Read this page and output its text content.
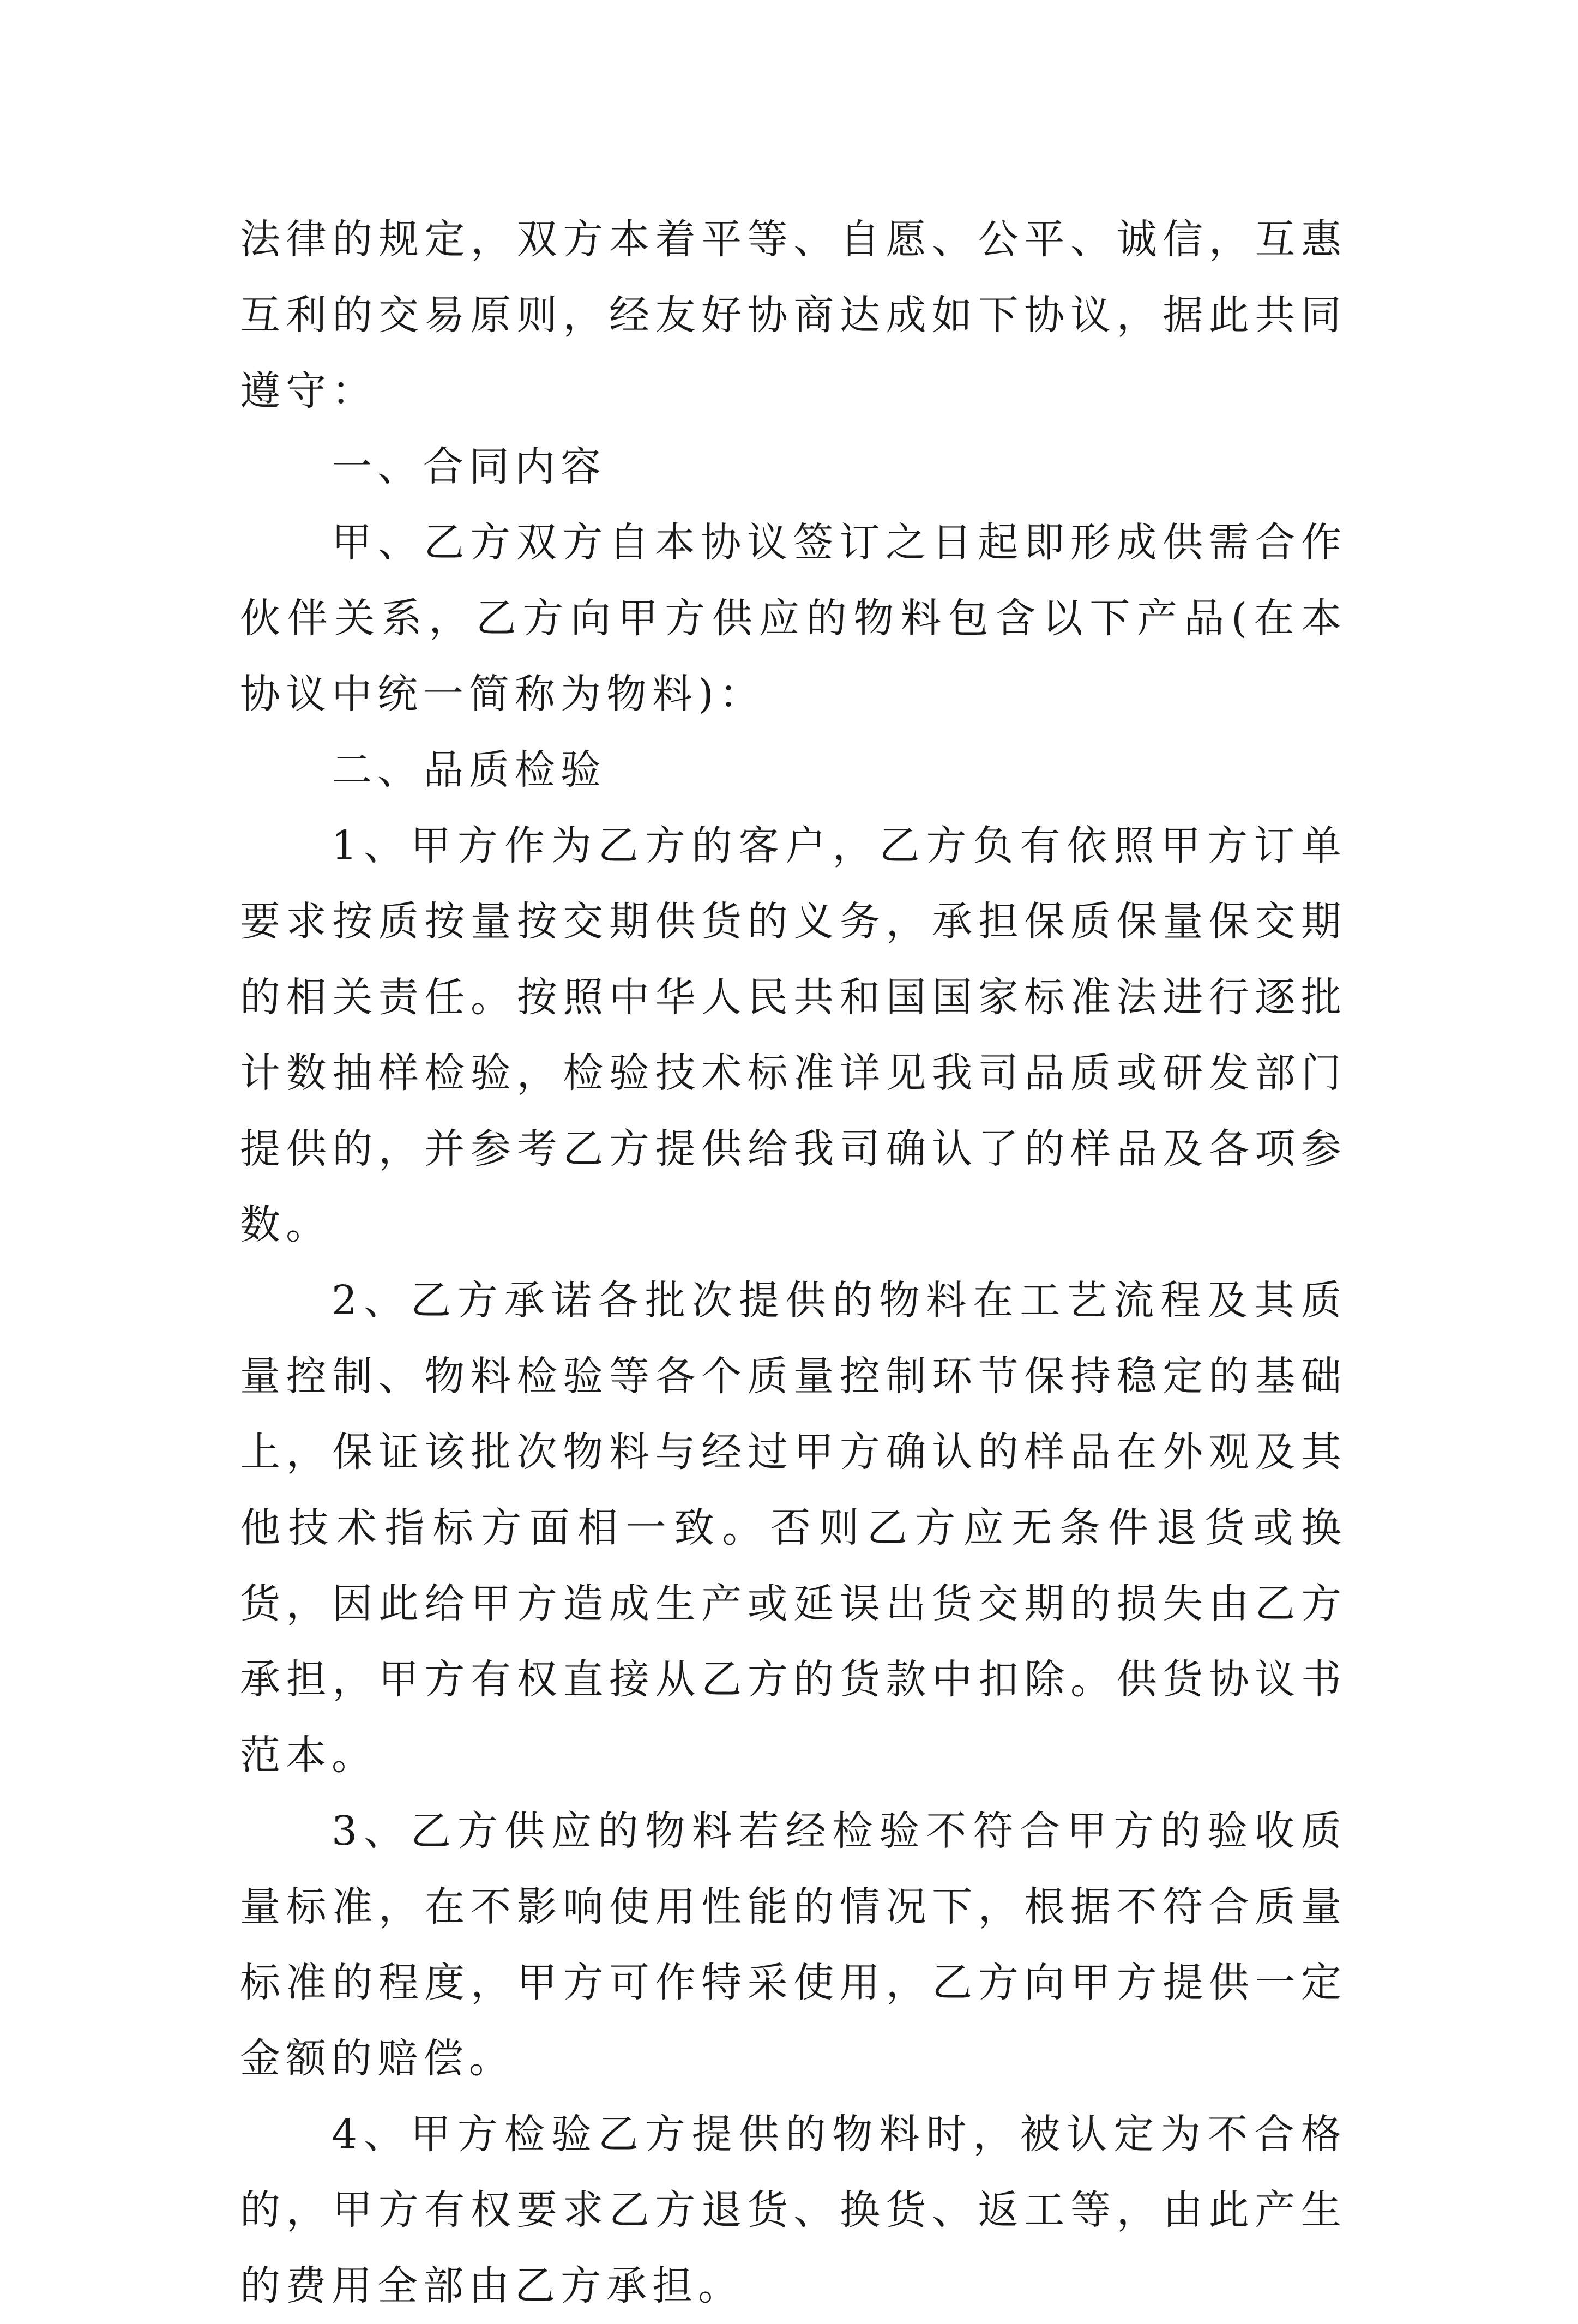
法律的规定，双方本着平等、自愿、公平、诚信，互惠互利的交易原则，经友好协商达成如下协议，据此共同遵守：

一、合同内容

甲、乙方双方自本协议签订之日起即形成供需合作伙伴关系，乙方向甲方供应的物料包含以下产品(在本协议中统一简称为物料)：

二、品质检验

1、甲方作为乙方的客户，乙方负有依照甲方订单要求按质按量按交期供货的义务，承担保质保量保交期的相关责任。按照中华人民共和国国家标准法进行逐批计数抽样检验，检验技术标准详见我司品质或研发部门提供的，并参考乙方提供给我司确认了的样品及各项参数。

2、乙方承诺各批次提供的物料在工艺流程及其质量控制、物料检验等各个质量控制环节保持稳定的基础上，保证该批次物料与经过甲方确认的样品在外观及其他技术指标方面相一致。否则乙方应无条件退货或换货，因此给甲方造成生产或延误出货交期的损失由乙方承担，甲方有权直接从乙方的货款中扣除。供货协议书范本。

3、乙方供应的物料若经检验不符合甲方的验收质量标准，在不影响使用性能的情况下，根据不符合质量标准的程度，甲方可作特采使用，乙方向甲方提供一定金额的赔偿。

4、甲方检验乙方提供的物料时，被认定为不合格的，甲方有权要求乙方退货、换货、返工等，由此产生的费用全部由乙方承担。
